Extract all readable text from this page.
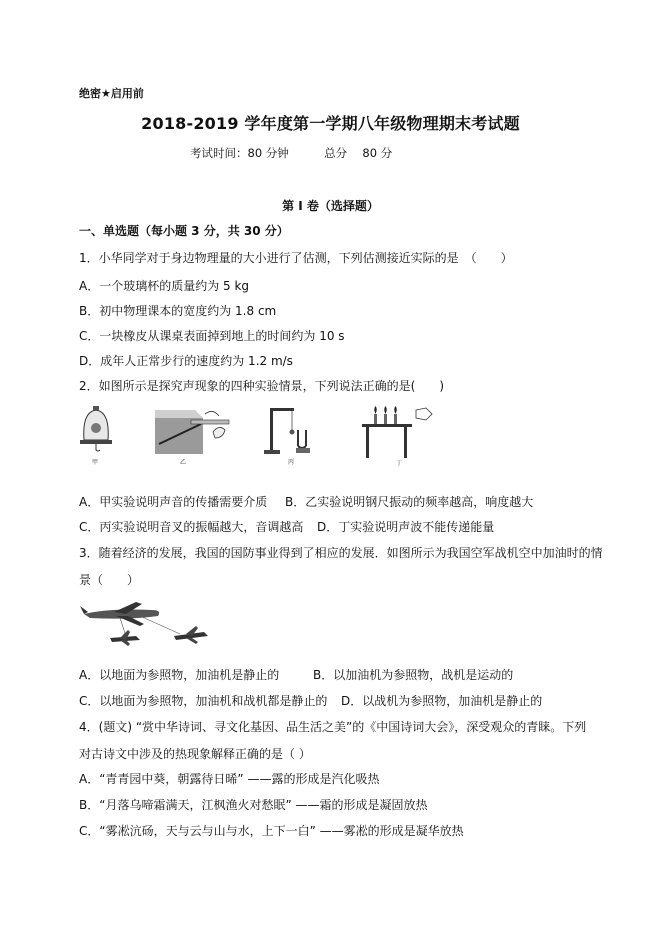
绝密★启用前
2018-2019 学年度第一学期八年级物理期末考试题
考试时间：80 分钟	总分 80 分
第 I 卷（选择题）
一、单选题（每小题 3 分，共 30 分）
1．小华同学对于身边物理量的大小进行了估测，下列估测接近实际的是　（　　）
A．一个玻璃杯的质量约为 5 kg
B．初中物理课本的宽度约为 1.8 cm
C．一块橡皮从课桌表面掉到地上的时间约为 10 s
D．成年人正常步行的速度约为 1.2 m/s
2．如图所示是探究声现象的四种实验情景，下列说法正确的是(　　)
甲	乙	丙	丁
A．甲实验说明声音的传播需要介质 B．乙实验说明钢尺振动的频率越高，响度越大
C．丙实验说明音叉的振幅越大，音调越高 D．丁实验说明声波不能传递能量
3．随着经济的发展，我国的国防事业得到了相应的发展．如图所示为我国空军战机空中加油时的情
景（　　）
A．以地面为参照物，加油机是静止的	B．以加油机为参照物，战机是运动的
C．以地面为参照物，加油机和战机都是静止的 D．以战机为参照物，加油机是静止的
4．(题文) “赏中华诗词、寻文化基因、品生活之美”的《中国诗词大会》，深受观众的青睐。下列
对古诗文中涉及的热现象解释正确的是（ ）
A．“青青园中葵，朝露待日晞” ——露的形成是汽化吸热
B．“月落乌啼霜满天，江枫渔火对愁眠” ——霜的形成是凝固放热
C．“雾凇沆砀，天与云与山与水，上下一白” ——雾凇的形成是凝华放热
